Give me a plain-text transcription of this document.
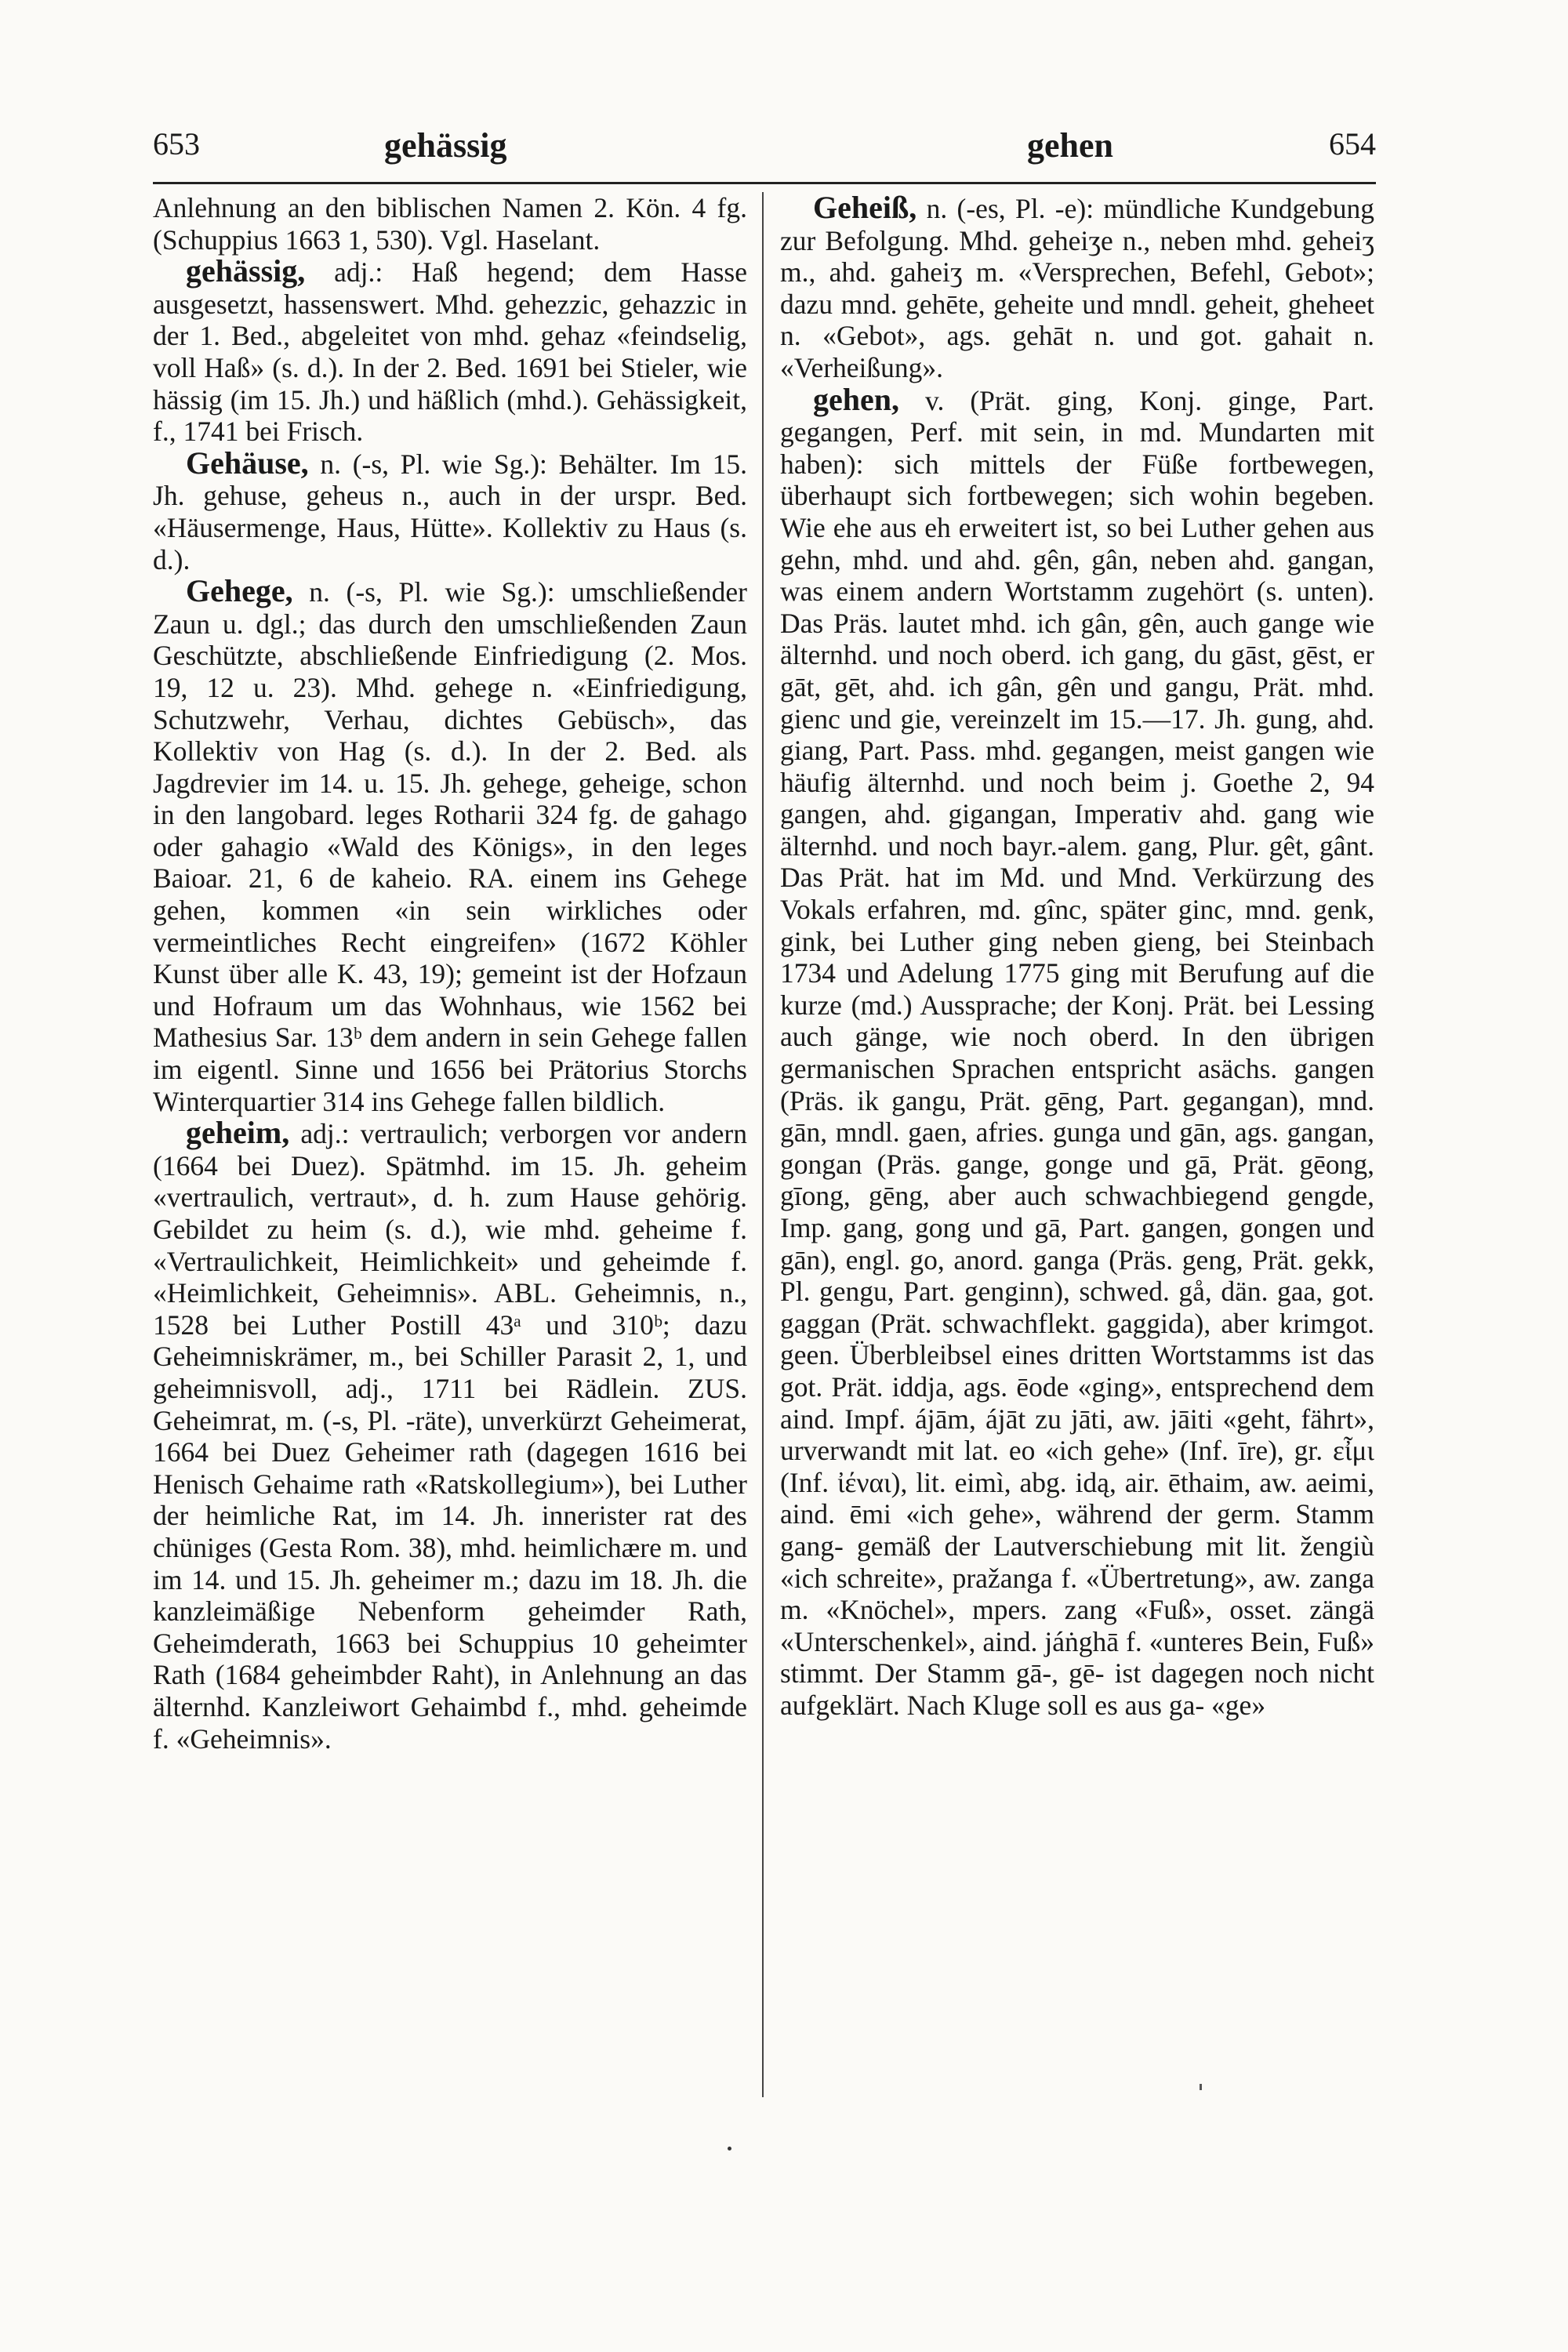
653	gehässig	gehen	654

Anlehnung an den biblischen Namen 2. Kön. 4 fg. (Schuppius 1663 1, 530). Vgl. Haselant.

gehässig, adj.: Haß hegend; dem Hasse ausgesetzt, hassenswert. Mhd. gehezzic, gehazzic in der 1. Bed., abgeleitet von mhd. gehaz «feindselig, voll Haß» (s. d.). In der 2. Bed. 1691 bei Stieler, wie hässig (im 15. Jh.) und häßlich (mhd.). Gehässigkeit, f., 1741 bei Frisch.

Gehäuse, n. (-s, Pl. wie Sg.): Behälter. Im 15. Jh. gehuse, geheus n., auch in der urspr. Bed. «Häusermenge, Haus, Hütte». Kollektiv zu Haus (s. d.).

Gehege, n. (-s, Pl. wie Sg.): umschließender Zaun u. dgl.; das durch den umschließenden Zaun Geschützte, abschließende Einfriedigung (2. Mos. 19, 12 u. 23). Mhd. gehege n. «Einfriedigung, Schutzwehr, Verhau, dichtes Gebüsch», das Kollektiv von Hag (s. d.). In der 2. Bed. als Jagdrevier im 14. u. 15. Jh. gehege, geheige, schon in den langobard. leges Rotharii 324 fg. de gahago oder gahagio «Wald des Königs», in den leges Baioar. 21, 6 de kaheio. RA. einem ins Gehege gehen, kommen «in sein wirkliches oder vermeintliches Recht eingreifen» (1672 Köhler Kunst über alle K. 43, 19); gemeint ist der Hofzaun und Hofraum um das Wohnhaus, wie 1562 bei Mathesius Sar. 13ᵇ dem andern in sein Gehege fallen im eigentl. Sinne und 1656 bei Prätorius Storchs Winterquartier 314 ins Gehege fallen bildlich.

geheim, adj.: vertraulich; verborgen vor andern (1664 bei Duez). Spätmhd. im 15. Jh. geheim «vertraulich, vertraut», d. h. zum Hause gehörig. Gebildet zu heim (s. d.), wie mhd. geheime f. «Vertraulichkeit, Heimlichkeit» und geheimde f. «Heimlichkeit, Geheimnis». ABL. Geheimnis, n., 1528 bei Luther Postill 43ᵃ und 310ᵇ; dazu Geheimniskrämer, m., bei Schiller Parasit 2, 1, und geheimnisvoll, adj., 1711 bei Rädlein. ZUS. Geheimrat, m. (-s, Pl. -räte), unverkürzt Geheimerat, 1664 bei Duez Geheimer rath (dagegen 1616 bei Henisch Gehaime rath «Ratskollegium»), bei Luther der heimliche Rat, im 14. Jh. innerister rat des chüniges (Gesta Rom. 38), mhd. heimlichære m. und im 14. und 15. Jh. geheimer m.; dazu im 18. Jh. die kanzleimäßige Nebenform geheimder Rath, Geheimderath, 1663 bei Schuppius 10 geheimter Rath (1684 geheimbder Raht), in Anlehnung an das älternhd. Kanzleiwort Gehaimbd f., mhd. geheimde f. «Geheimnis».

Geheiß, n. (-es, Pl. -e): mündliche Kundgebung zur Befolgung. Mhd. geheiʒe n., neben mhd. geheiʒ m., ahd. gaheiʒ m. «Versprechen, Befehl, Gebot»; dazu mnd. gehēte, geheite und mndl. geheit, gheheet n. «Gebot», ags. gehāt n. und got. gahait n. «Verheißung».

gehen, v. (Prät. ging, Konj. ginge, Part. gegangen, Perf. mit sein, in md. Mundarten mit haben): sich mittels der Füße fortbewegen, überhaupt sich fortbewegen; sich wohin begeben. Wie ehe aus eh erweitert ist, so bei Luther gehen aus gehn, mhd. und ahd. gên, gân, neben ahd. gangan, was einem andern Wortstamm zugehört (s. unten). Das Präs. lautet mhd. ich gân, gên, auch gange wie älternhd. und noch oberd. ich gang, du gāst, gēst, er gāt, gēt, ahd. ich gân, gên und gangu, Prät. mhd. gienc und gie, vereinzelt im 15.—17. Jh. gung, ahd. giang, Part. Pass. mhd. gegangen, meist gangen wie häufig älternhd. und noch beim j. Goethe 2, 94 gangen, ahd. gigangan, Imperativ ahd. gang wie älternhd. und noch bayr.-alem. gang, Plur. gêt, gânt. Das Prät. hat im Md. und Mnd. Verkürzung des Vokals erfahren, md. gînc, später ginc, mnd. genk, gink, bei Luther ging neben gieng, bei Steinbach 1734 und Adelung 1775 ging mit Berufung auf die kurze (md.) Aussprache; der Konj. Prät. bei Lessing auch gänge, wie noch oberd. In den übrigen germanischen Sprachen entspricht asächs. gangen (Präs. ik gangu, Prät. gēng, Part. gegangan), mnd. gān, mndl. gaen, afries. gunga und gān, ags. gangan, gongan (Präs. gange, gonge und gā, Prät. gēong, gīong, gēng, aber auch schwachbiegend gengde, Imp. gang, gong und gā, Part. gangen, gongen und gān), engl. go, anord. ganga (Präs. geng, Prät. gekk, Pl. gengu, Part. genginn), schwed. gå, dän. gaa, got. gaggan (Prät. schwachflekt. gaggida), aber krimgot. geen. Überbleibsel eines dritten Wortstamms ist das got. Prät. iddja, ags. ēode «ging», entsprechend dem aind. Impf. ájām, ájāt zu jāti, aw. jāiti «geht, fährt», urverwandt mit lat. eo «ich gehe» (Inf. īre), gr. εἶμι (Inf. ἰέναι), lit. eimì, abg. idą, air. ēthaim, aw. aeimi, aind. ēmi «ich gehe», während der germ. Stamm gang- gemäß der Lautverschiebung mit lit. žengiù «ich schreite», pražanga f. «Übertretung», aw. zanga m. «Knöchel», mpers. zang «Fuß», osset. zängä «Unterschenkel», aind. jáṅghā f. «unteres Bein, Fuß» stimmt. Der Stamm gā-, gē- ist dagegen noch nicht aufgeklärt. Nach Kluge soll es aus ga- «ge»
